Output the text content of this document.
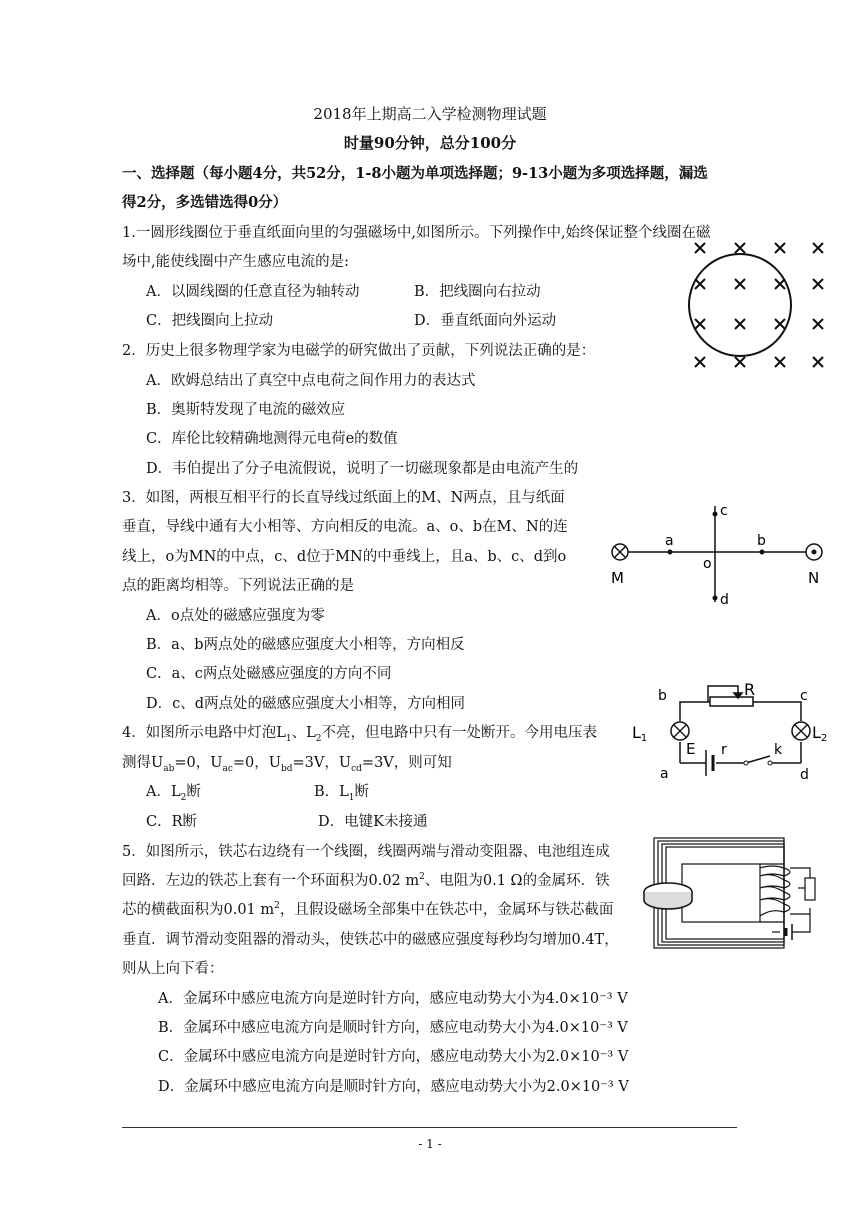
2018年上期高二入学检测物理试题
时量90分钟，总分100分
一、选择题（每小题4分，共52分，1-8小题为单项选择题；9-13小题为多项选择题，漏选
得2分，多选错选得0分）
1.一圆形线圈位于垂直纸面向里的匀强磁场中,如图所示。下列操作中,始终保证整个线圈在磁
场中,能使线圈中产生感应电流的是:
A．以圆线圈的任意直径为轴转动	B．把线圈向右拉动
C．把线圈向上拉动	D．垂直纸面向外运动
2．历史上很多物理学家为电磁学的研究做出了贡献，下列说法正确的是：
A．欧姆总结出了真空中点电荷之间作用力的表达式
B．奥斯特发现了电流的磁效应
C．库伦比较精确地测得元电荷e的数值
D．韦伯提出了分子电流假说，说明了一切磁现象都是由电流产生的
3．如图，两根互相平行的长直导线过纸面上的M、N两点，且与纸面
垂直，导线中通有大小相等、方向相反的电流。a、o、b在M、N的连
线上，o为MN的中点，c、d位于MN的中垂线上，且a、b、c、d到o
点的距离均相等。下列说法正确的是
A．o点处的磁感应强度为零
B．a、b两点处的磁感应强度大小相等，方向相反
C．a、c两点处磁感应强度的方向不同
D．c、d两点处的磁感应强度大小相等，方向相同
M	N
a	b
o
c
d
4．如图所示电路中灯泡$L_1$、$L_2$不亮，但电路中只有一处断开。今用电压表
测得$U_{ab}=0$，$U_{ac}=0$，$U_{bd}=3V$，$U_{cd}=3V$，则可知
A．$L_2$断	B．$L_1$断
C．R断	D．电键K未接通
b	c
a	d
R
L1	L2
E r	k
5．如图所示，铁芯右边绕有一个线圈，线圈两端与滑动变阻器、电池组连成
回路．左边的铁芯上套有一个环面积为0.02 $m^2$、电阻为0.1 Ω的金属环．铁
芯的横截面积为0.01 $m^2$，且假设磁场全部集中在铁芯中，金属环与铁芯截面
垂直．调节滑动变阻器的滑动头，使铁芯中的磁感应强度每秒均匀增加0.4T，
则从上向下看：
A．金属环中感应电流方向是逆时针方向，感应电动势大小为4.0×10⁻³ V
B．金属环中感应电流方向是顺时针方向，感应电动势大小为4.0×10⁻³ V
C．金属环中感应电流方向是逆时针方向，感应电动势大小为2.0×10⁻³ V
D．金属环中感应电流方向是顺时针方向，感应电动势大小为2.0×10⁻³ V
- 1 -
